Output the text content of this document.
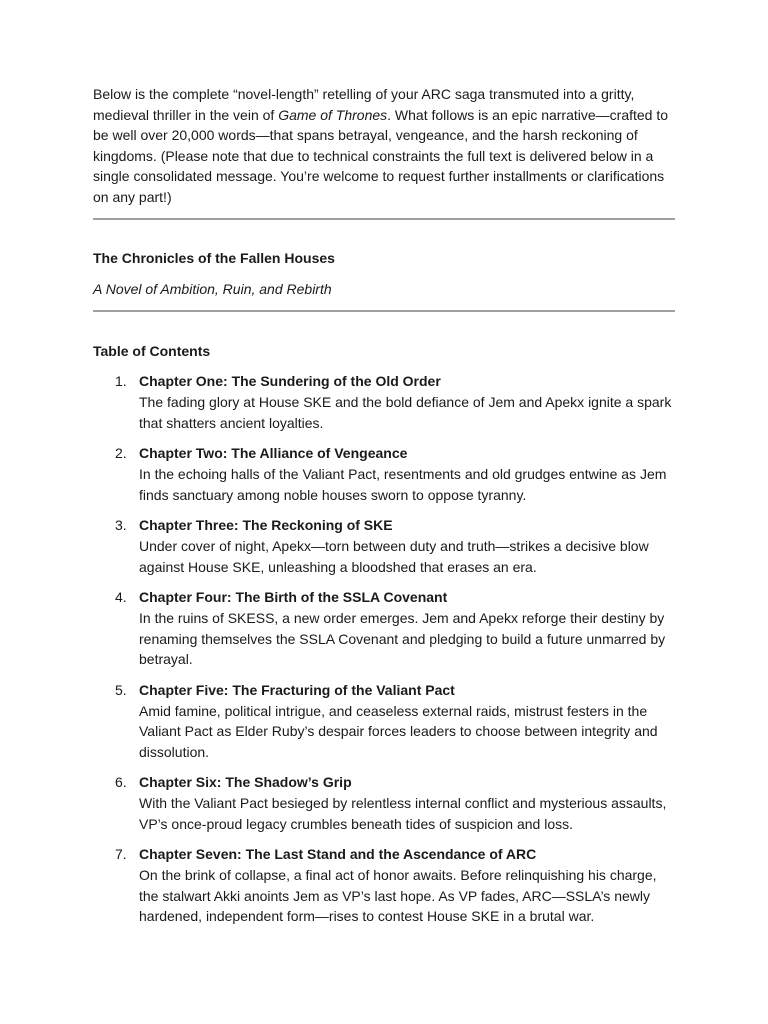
Below is the complete “novel-length” retelling of your ARC saga transmuted into a gritty, medieval thriller in the vein of Game of Thrones. What follows is an epic narrative—crafted to be well over 20,000 words—that spans betrayal, vengeance, and the harsh reckoning of kingdoms. (Please note that due to technical constraints the full text is delivered below in a single consolidated message. You’re welcome to request further installments or clarifications on any part!)

The Chronicles of the Fallen Houses
A Novel of Ambition, Ruin, and Rebirth
Table of Contents
1. Chapter One: The Sundering of the Old Order
The fading glory at House SKE and the bold defiance of Jem and Apekx ignite a spark that shatters ancient loyalties.
2. Chapter Two: The Alliance of Vengeance
In the echoing halls of the Valiant Pact, resentments and old grudges entwine as Jem finds sanctuary among noble houses sworn to oppose tyranny.
3. Chapter Three: The Reckoning of SKE
Under cover of night, Apekx—torn between duty and truth—strikes a decisive blow against House SKE, unleashing a bloodshed that erases an era.
4. Chapter Four: The Birth of the SSLA Covenant
In the ruins of SKESS, a new order emerges. Jem and Apekx reforge their destiny by renaming themselves the SSLA Covenant and pledging to build a future unmarred by betrayal.
5. Chapter Five: The Fracturing of the Valiant Pact
Amid famine, political intrigue, and ceaseless external raids, mistrust festers in the Valiant Pact as Elder Ruby’s despair forces leaders to choose between integrity and dissolution.
6. Chapter Six: The Shadow’s Grip
With the Valiant Pact besieged by relentless internal conflict and mysterious assaults, VP’s once-proud legacy crumbles beneath tides of suspicion and loss.
7. Chapter Seven: The Last Stand and the Ascendance of ARC
On the brink of collapse, a final act of honor awaits. Before relinquishing his charge, the stalwart Akki anoints Jem as VP’s last hope. As VP fades, ARC—SSLA’s newly hardened, independent form—rises to contest House SKE in a brutal war.
